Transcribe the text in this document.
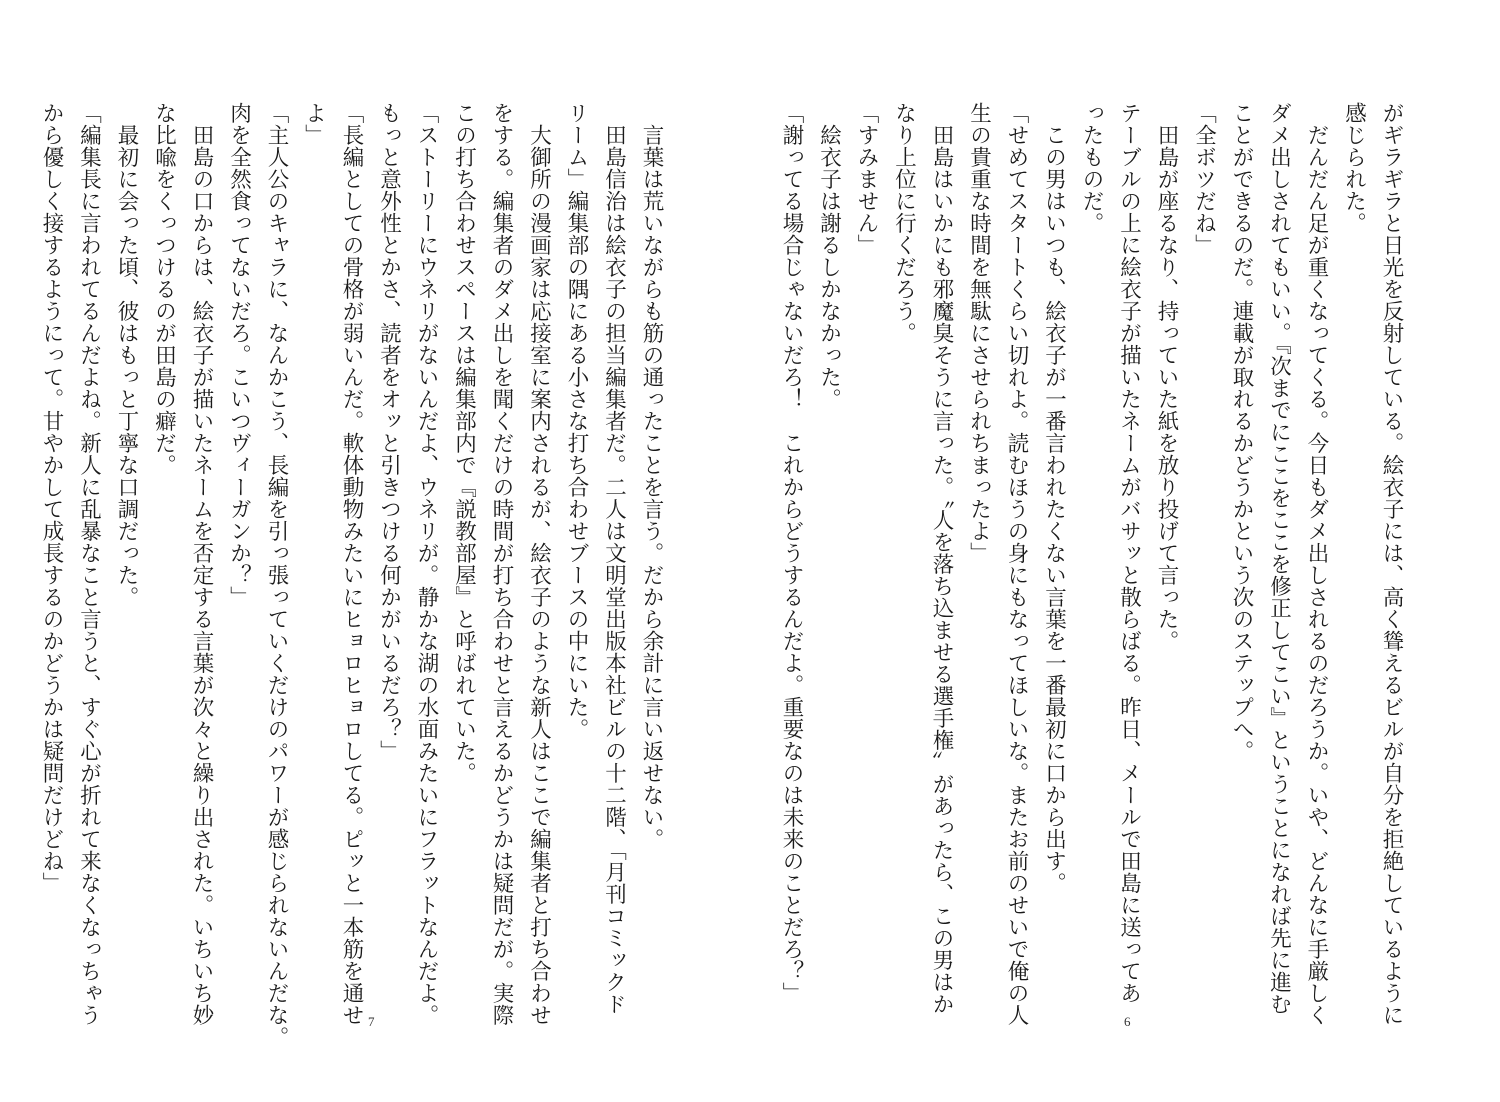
言葉は荒いながらも筋の通ったことを言う。だから余計に言い返せない。
田島信治は絵衣子の担当編集者だ。二人は文明堂出版本社ビルの十二階、「月刊コミックド
リーム」編集部の隅にある小さな打ち合わせブースの中にいた。
大御所の漫画家は応接室に案内されるが、絵衣子のような新人はここで編集者と打ち合わせ
をする。編集者のダメ出しを聞くだけの時間が打ち合わせと言えるかどうかは疑問だが。実際
この打ち合わせスペースは編集部内で『説教部屋』と呼ばれていた。
「ストーリーにウネリがないんだよ、ウネリが。静かな湖の水面みたいにフラットなんだよ。
もっと意外性とかさ、読者をオッと引きつける何かがいるだろ？」
「長編としての骨格が弱いんだ。軟体動物みたいにヒョロヒョロしてる。ピッと一本筋を通せ
よ」
「主人公のキャラに、なんかこう、長編を引っ張っていくだけのパワーが感じられないんだな。
肉を全然食ってないだろ。こいつヴィーガンか？」
田島の口からは、絵衣子が描いたネームを否定する言葉が次々と繰り出された。いちいち妙
な比喩をくっつけるのが田島の癖だ。
最初に会った頃、彼はもっと丁寧な口調だった。
「編集長に言われてるんだよね。新人に乱暴なこと言うと、すぐ心が折れて来なくなっちゃう
から優しく接するようにって。甘やかして成長するのかどうかは疑問だけどね」
7	がギラギラと日光を反射している。絵衣子には、高く聳えるビルが自分を拒絶しているように
感じられた。
だんだん足が重くなってくる。今日もダメ出しされるのだろうか。いや、どんなに手厳しく
ダメ出しされてもいい。『次までにここをここを修正してこい』ということになれば先に進む
ことができるのだ。連載が取れるかどうかという次のステップへ。
「全ボツだね」
田島が座るなり、持っていた紙を放り投げて言った。
テーブルの上に絵衣子が描いたネームがバサッと散らばる。昨日、メールで田島に送ってあ
ったものだ。
この男はいつも、絵衣子が一番言われたくない言葉を一番最初に口から出す。
「せめてスタートくらい切れよ。読むほうの身にもなってほしいな。またお前のせいで俺の人
生の貴重な時間を無駄にさせられちまったよ」
田島はいかにも邪魔臭そうに言った。〝人を落ち込ませる選手権〟があったら、この男はか
なり上位に行くだろう。
「すみません」
絵衣子は謝るしかなかった。
「謝ってる場合じゃないだろ！　これからどうするんだよ。重要なのは未来のことだろ？」
6
